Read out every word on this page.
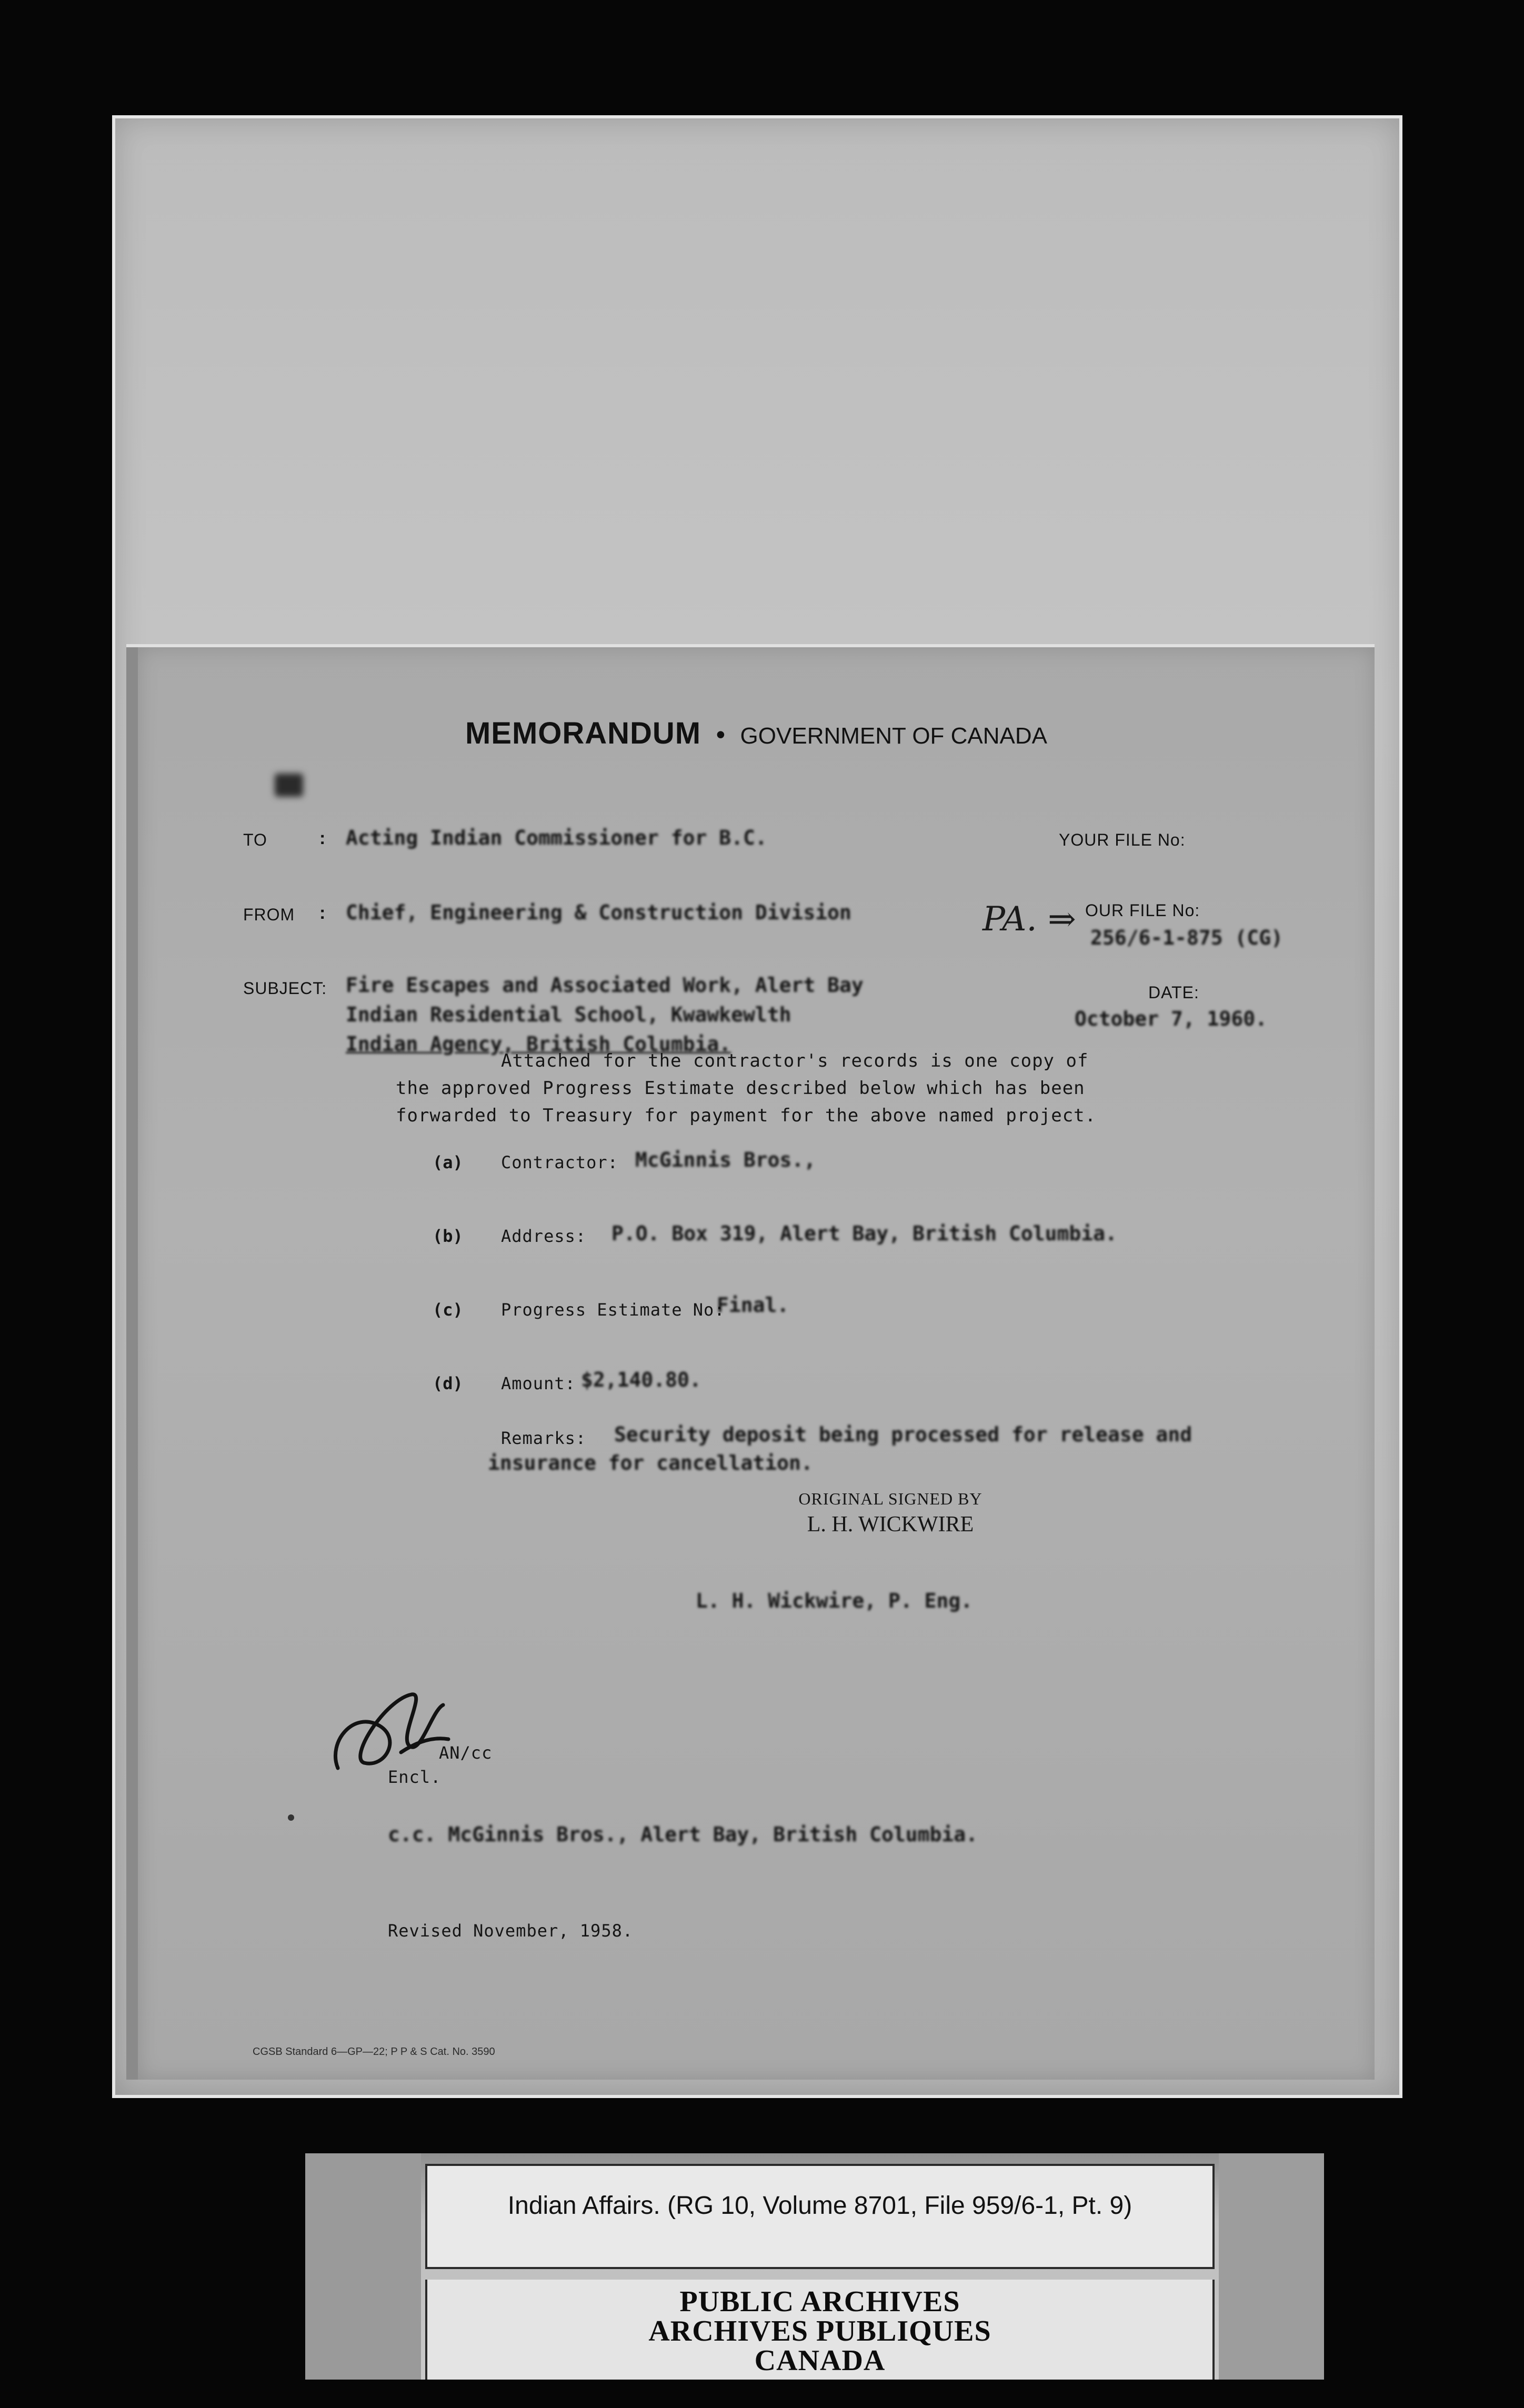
MEMORANDUM • GOVERNMENT OF CANADA
TO	: Acting Indian Commissioner for B.C.
FROM : Chief, Engineering & Construction Division
SUBJECT: Fire Escapes and Associated Work, Alert Bay
Indian Residential School, Kwawkewlth
Indian Agency, British Columbia.
YOUR FILE No:
OUR FILE No:
PA. ⇒ 256/6-1-875 (CG)
DATE:
October 7, 1960.
Attached for the contractor's records is one copy of
the approved Progress Estimate described below which has been
forwarded to Treasury for payment for the above named project.
(a) Contractor: McGinnis Bros.,
(b) Address: P.O. Box 319, Alert Bay, British Columbia.
(c) Progress Estimate No:
Final.
(d) Amount: $2,140.80.
Remarks: Security deposit being processed for release and
insurance for cancellation.
ORIGINAL SIGNED BY
L. H. WICKWIRE
L. H. Wickwire, P. Eng.
AN/cc
Encl.
c.c. McGinnis Bros., Alert Bay, British Columbia.
Revised November, 1958.
CGSB Standard 6—GP—22; P P & S Cat. No. 3590
Indian Affairs. (RG 10, Volume 8701, File 959/6-1, Pt. 9)
PUBLIC ARCHIVES
ARCHIVES PUBLIQUES
CANADA
